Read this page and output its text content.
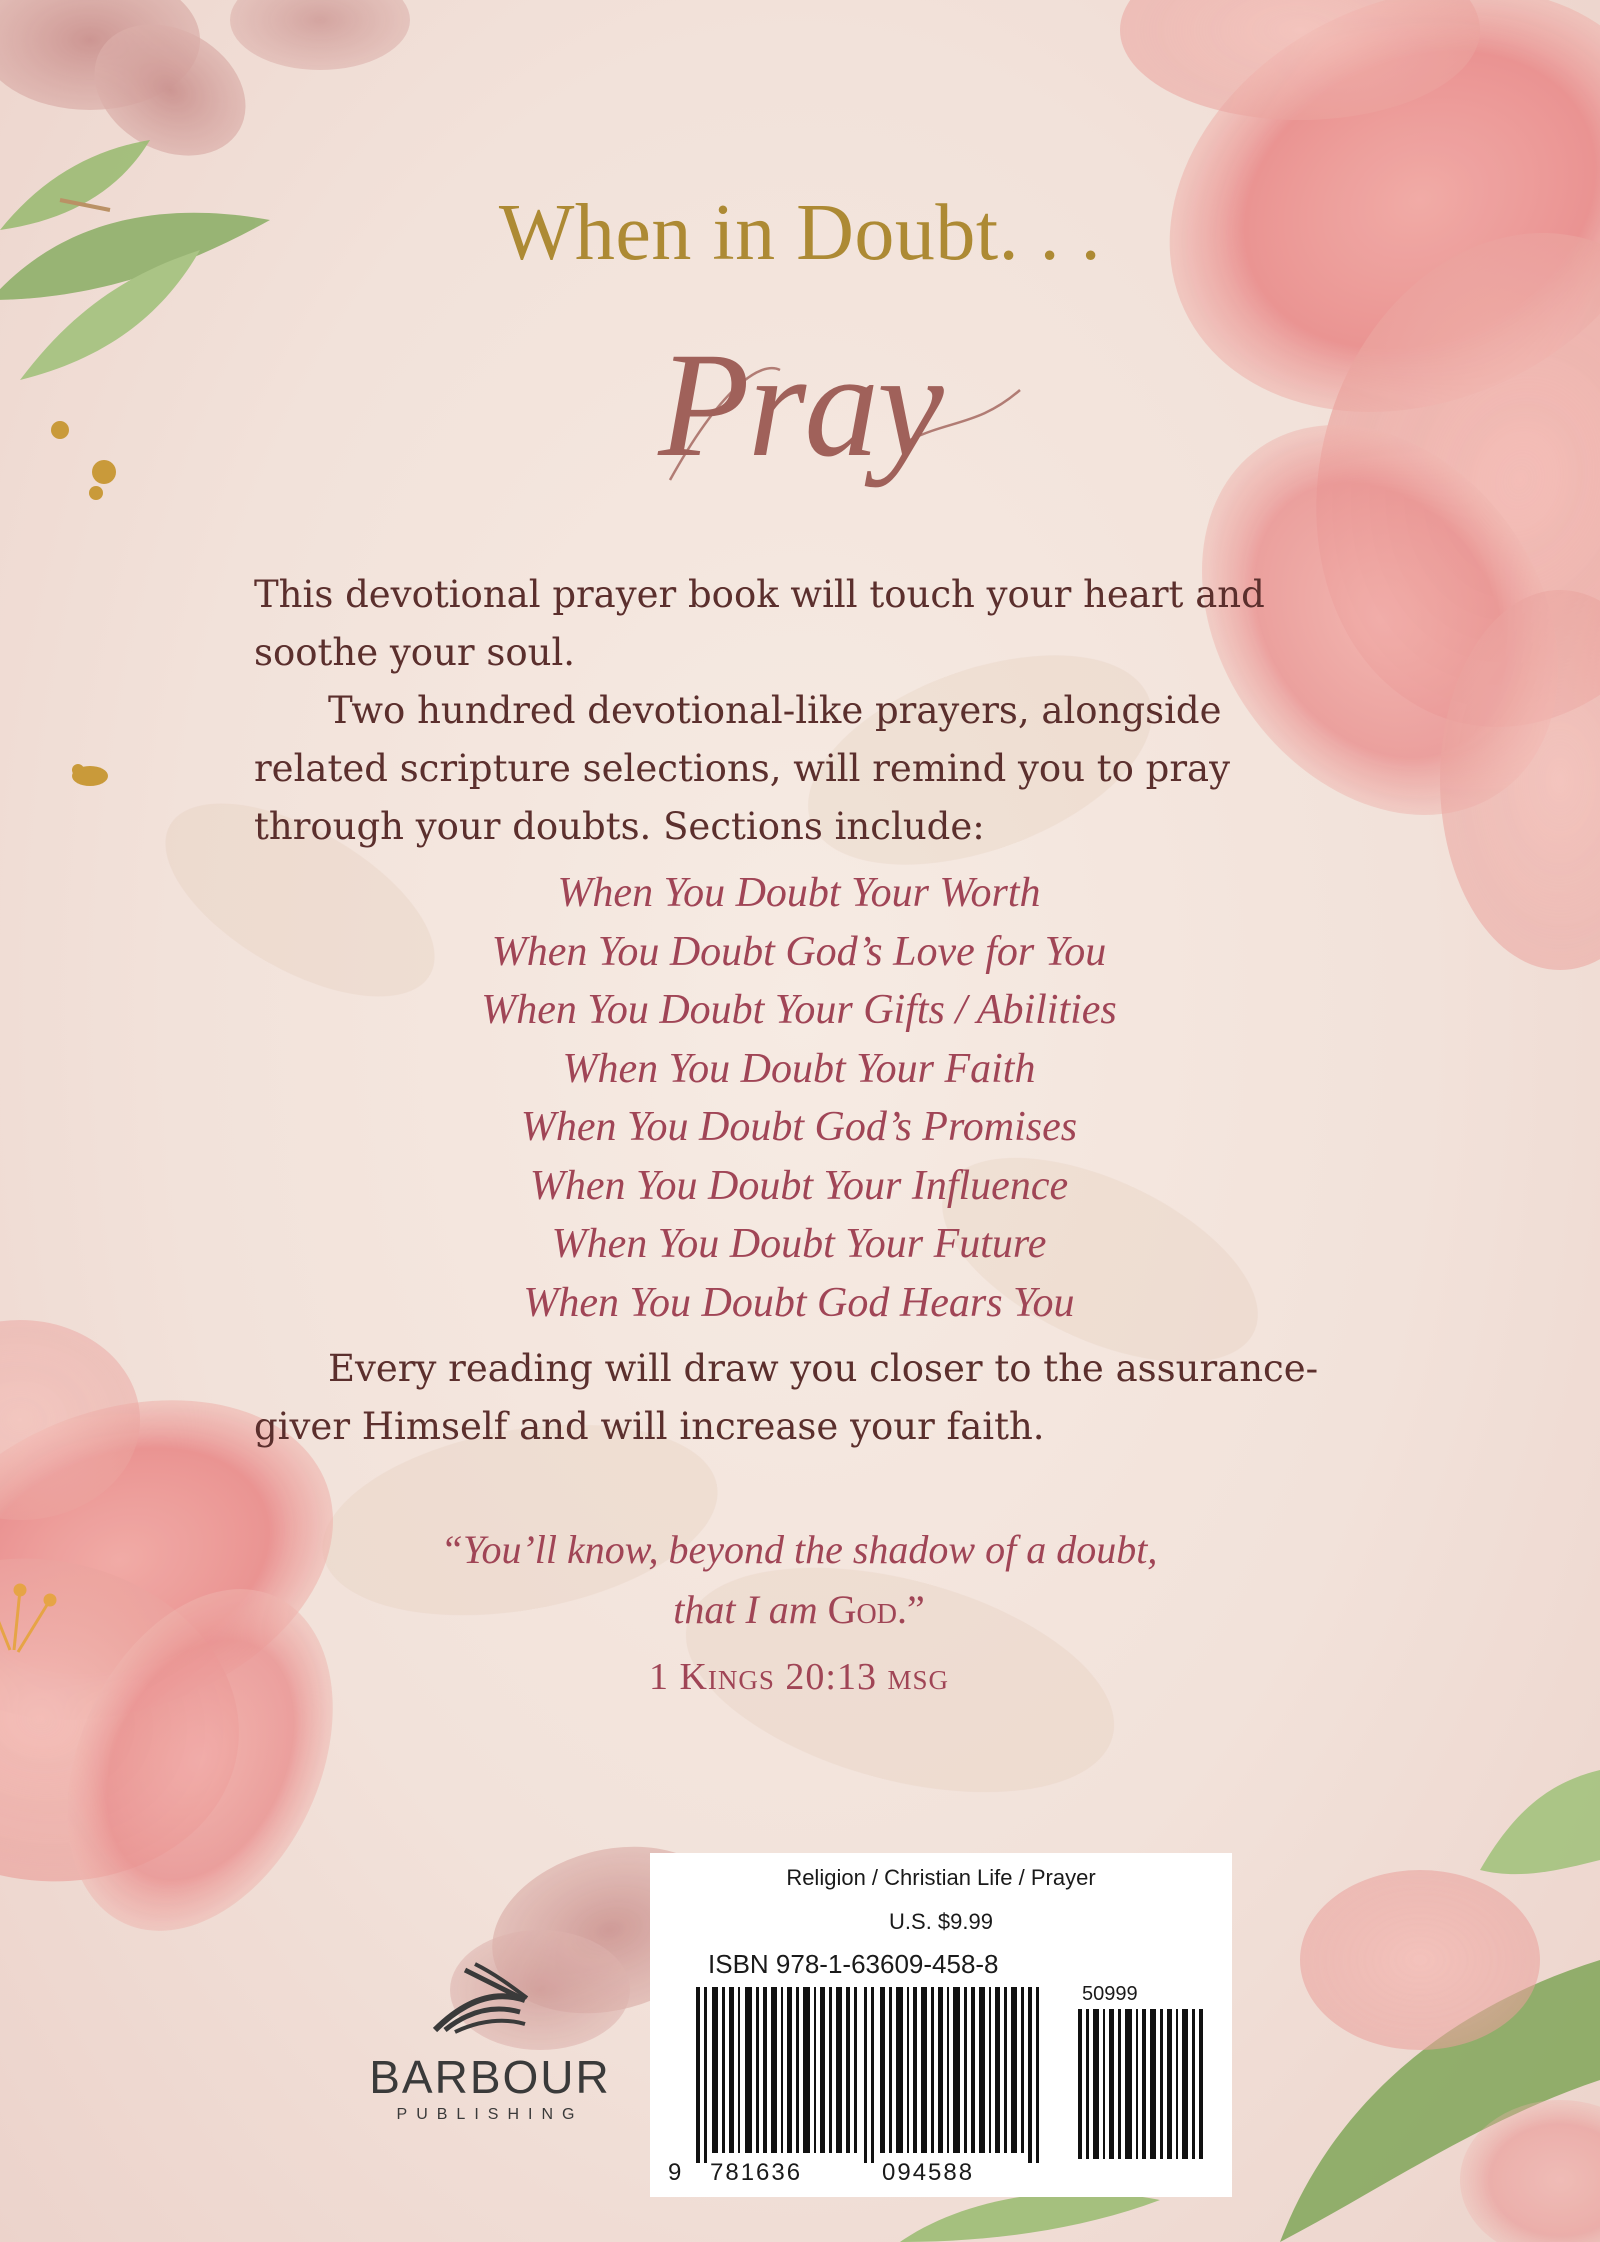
When in Doubt. . .
Pray

This devotional prayer book will touch your heart and soothe your soul.

Two hundred devotional-like prayers, alongside related scripture selections, will remind you to pray through your doubts. Sections include:

When You Doubt Your Worth
When You Doubt God’s Love for You
When You Doubt Your Gifts / Abilities
When You Doubt Your Faith
When You Doubt God’s Promises
When You Doubt Your Influence
When You Doubt Your Future
When You Doubt God Hears You

Every reading will draw you closer to the assurance-giver Himself and will increase your faith.

“You’ll know, beyond the shadow of a doubt,
that I am God.”
1 Kings 20:13 msg
BARBOUR
PUBLISHING
Religion / Christian Life / Prayer
U.S. $9.99
ISBN 978-1-63609-458-8
50999
9 781636	094588
